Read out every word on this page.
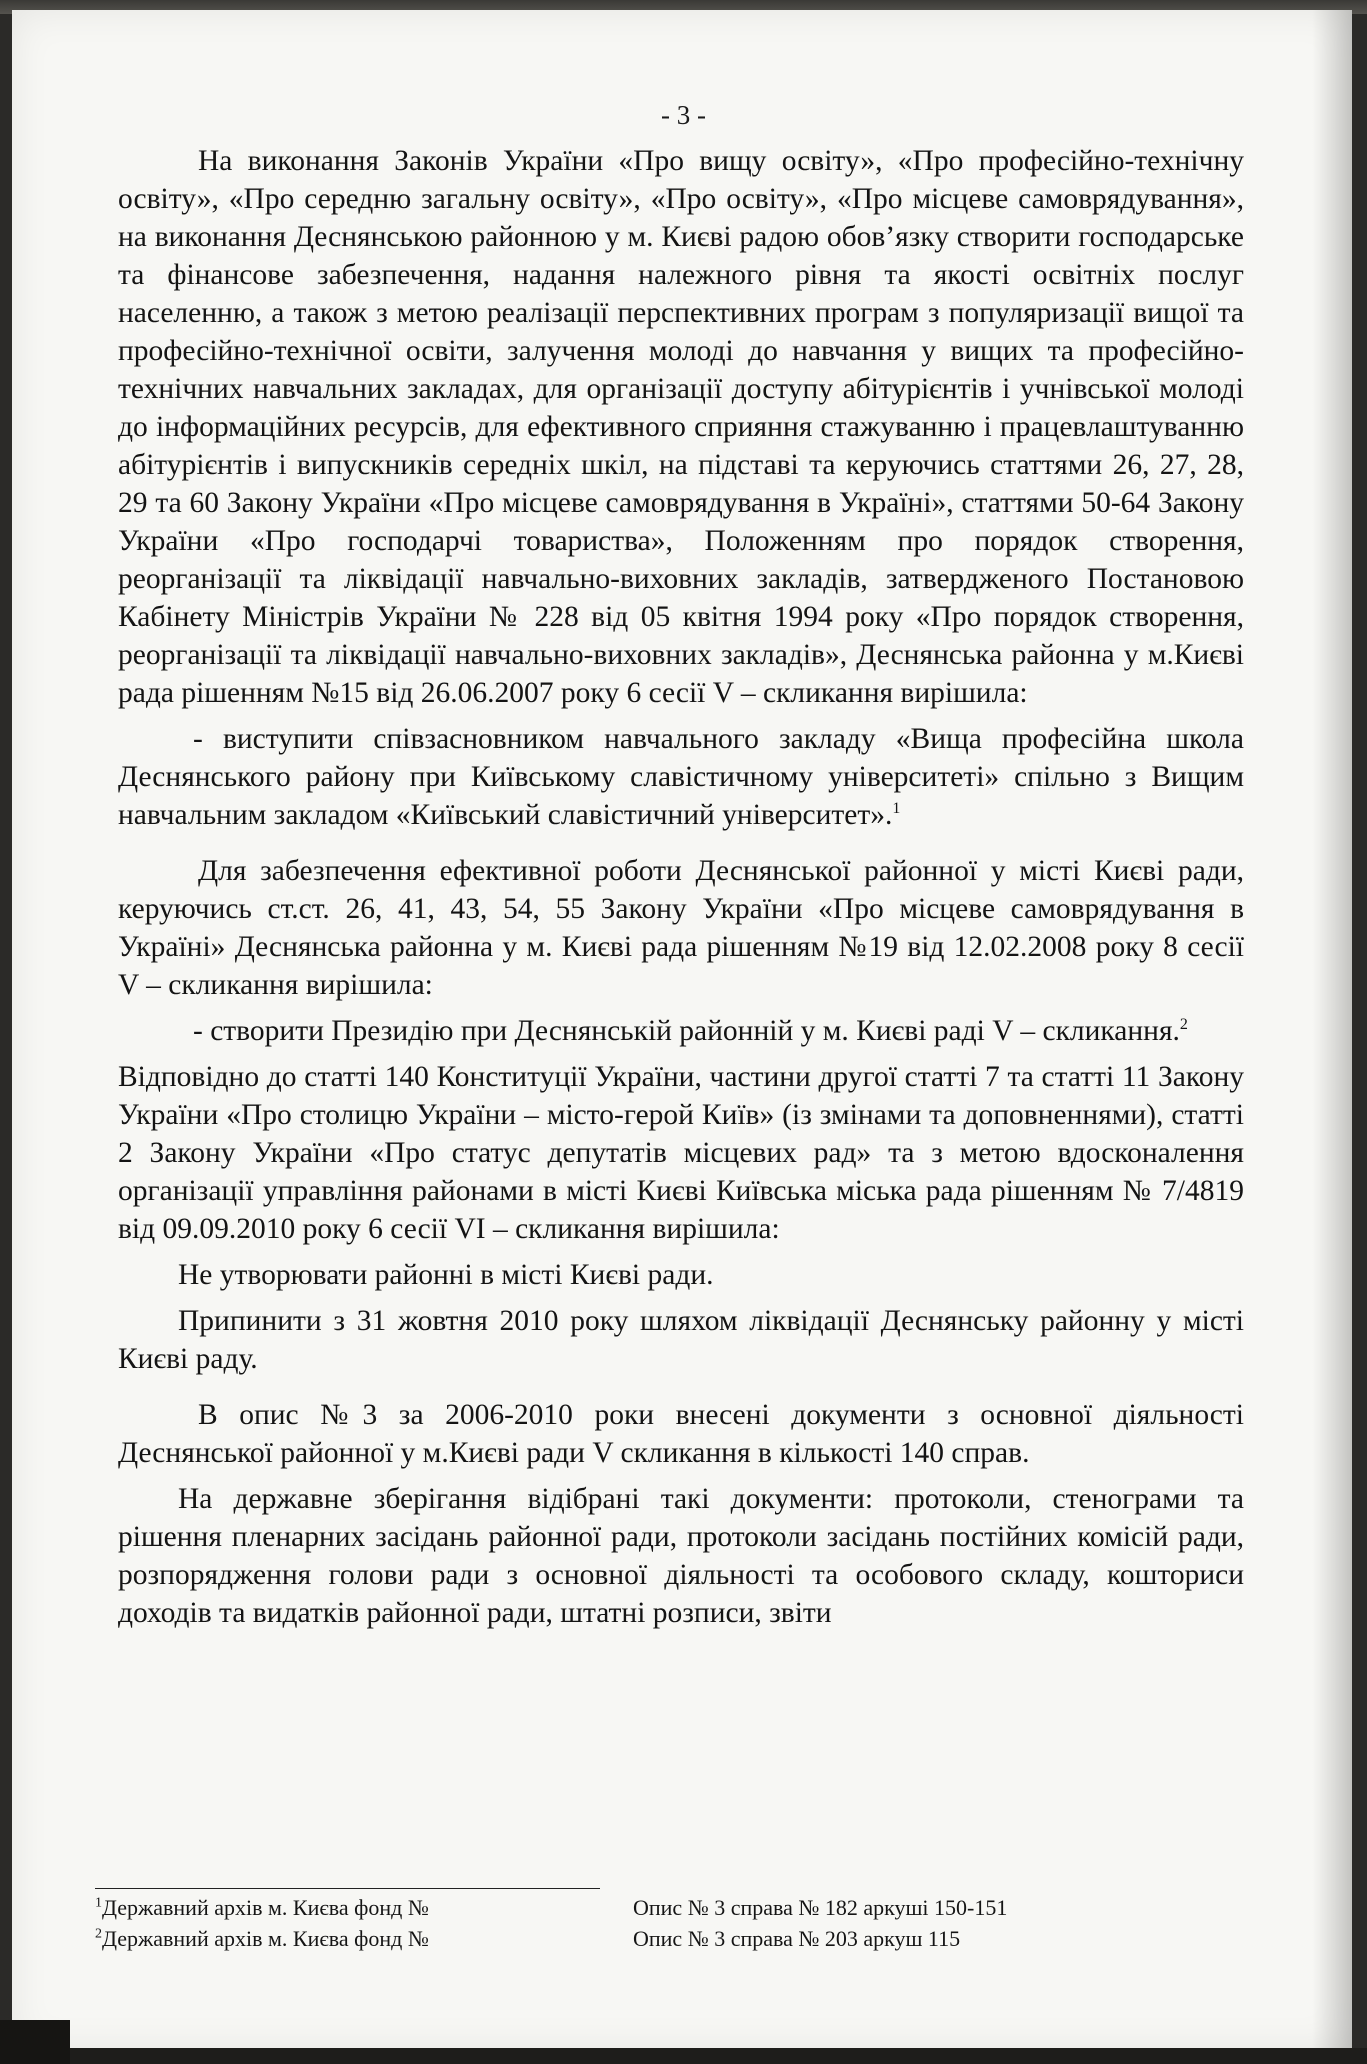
- 3 -

На виконання Законів України «Про вищу освіту», «Про професійно-технічну освіту», «Про середню загальну освіту», «Про освіту», «Про місцеве самоврядування», на виконання Деснянською районною у м. Києві радою обов’язку створити господарське та фінансове забезпечення, надання належного рівня та якості освітніх послуг населенню, а також з метою реалізації перспективних програм з популяризації вищої та професійно-технічної освіти, залучення молоді до навчання у вищих та професійно-технічних навчальних закладах, для організації доступу абітурієнтів і учнівської молоді до інформаційних ресурсів, для ефективного сприяння стажуванню і працевлаштуванню абітурієнтів і випускників середніх шкіл, на підставі та керуючись статтями 26, 27, 28, 29 та 60 Закону України «Про місцеве самоврядування в Україні», статтями 50-64 Закону України «Про господарчі товариства», Положенням про порядок створення, реорганізації та ліквідації навчально-виховних закладів, затвердженого Постановою Кабінету Міністрів України № 228 від 05 квітня 1994 року «Про порядок створення, реорганізації та ліквідації навчально-виховних закладів», Деснянська районна у м.Києві рада рішенням №15 від 26.06.2007 року 6 сесії V – скликання вирішила:

- виступити співзасновником навчального закладу «Вища професійна школа Деснянського району при Київському славістичному університеті» спільно з Вищим навчальним закладом «Київський славістичний університет».$^1$

Для забезпечення ефективної роботи Деснянської районної у місті Києві ради, керуючись ст.ст. 26, 41, 43, 54, 55 Закону України «Про місцеве самоврядування в Україні» Деснянська районна у м. Києві рада рішенням №19 від 12.02.2008 року 8 сесії V – скликання вирішила:

- створити Президію при Деснянській районній у м. Києві раді V – скликання.$^2$

Відповідно до статті 140 Конституції України, частини другої статті 7 та статті 11 Закону України «Про столицю України – місто-герой Київ» (із змінами та доповненнями), статті 2 Закону України «Про статус депутатів місцевих рад» та з метою вдосконалення організації управління районами в місті Києві Київська міська рада рішенням № 7/4819 від 09.09.2010 року 6 сесії VI – скликання вирішила:

Не утворювати районні в місті Києві ради.

Припинити з 31 жовтня 2010 року шляхом ліквідації Деснянську районну у місті Києві раду.

В опис №3 за 2006-2010 роки внесені документи з основної діяльності Деснянської районної у м.Києві ради V скликання в кількості 140 справ.

На державне зберігання відібрані такі документи: протоколи, стенограми та рішення пленарних засідань районної ради, протоколи засідань постійних комісій ради, розпорядження голови ради з основної діяльності та особового складу, кошториси доходів та видатків районної ради, штатні розписи, звіти

$^1$Державний архів м. Києва фонд №	Опис № 3 справа № 182 аркуші 150-151
$^2$Державний архів м. Києва фонд №	Опис № 3 справа № 203 аркуш 115
